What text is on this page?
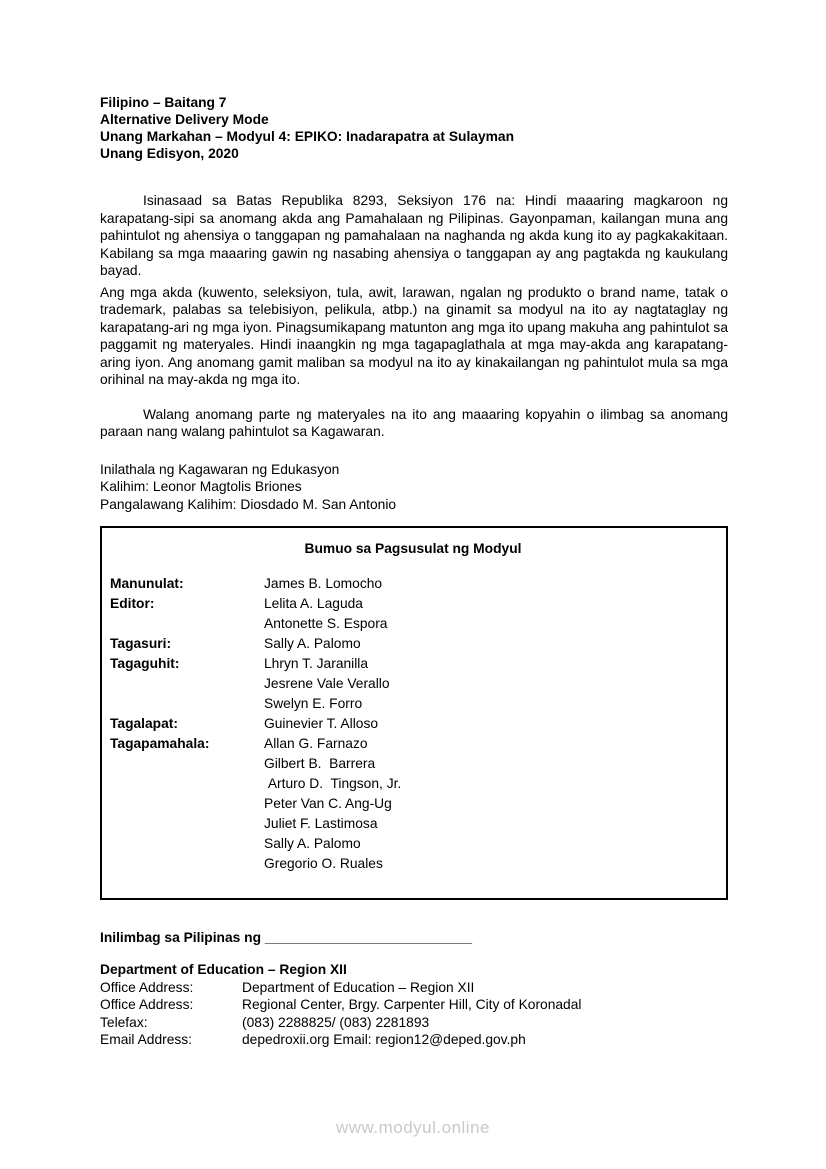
Filipino – Baitang 7
Alternative Delivery Mode
Unang Markahan – Modyul 4: EPIKO: Inadarapatra at Sulayman
Unang Edisyon, 2020

Isinasaad sa Batas Republika 8293, Seksiyon 176 na: Hindi maaaring magkaroon ng karapatang-sipi sa anomang akda ang Pamahalaan ng Pilipinas. Gayonpaman, kailangan muna ang pahintulot ng ahensiya o tanggapan ng pamahalaan na naghanda ng akda kung ito ay pagkakakitaan. Kabilang sa mga maaaring gawin ng nasabing ahensiya o tanggapan ay ang pagtakda ng kaukulang bayad.

Ang mga akda (kuwento, seleksiyon, tula, awit, larawan, ngalan ng produkto o brand name, tatak o trademark, palabas sa telebisiyon, pelikula, atbp.) na ginamit sa modyul na ito ay nagtataglay ng karapatang-ari ng mga iyon. Pinagsumikapang matunton ang mga ito upang makuha ang pahintulot sa paggamit ng materyales. Hindi inaangkin ng mga tagapaglathala at mga may-akda ang karapatang-aring iyon. Ang anomang gamit maliban sa modyul na ito ay kinakailangan ng pahintulot mula sa mga orihinal na may-akda ng mga ito.

Walang anomang parte ng materyales na ito ang maaaring kopyahin o ilimbag sa anomang paraan nang walang pahintulot sa Kagawaran.

Inilathala ng Kagawaran ng Edukasyon
Kalihim: Leonor Magtolis Briones
Pangalawang Kalihim: Diosdado M. San Antonio
Bumuo sa Pagsusulat ng Modyul
Manunulat:	James B. Lomocho
Editor:	Lelita A. Laguda
Antonette S. Espora
Tagasuri:	Sally A. Palomo
Tagaguhit:	Lhryn T. Jaranilla
Jesrene Vale Verallo
Swelyn E. Forro
Tagalapat:	Guinevier T. Alloso
Tagapamahala:	Allan G. Farnazo
Gilbert B.  Barrera
Arturo D.  Tingson, Jr.
Peter Van C. Ang-Ug
Juliet F. Lastimosa
Sally A. Palomo
Gregorio O. Ruales
Inilimbag sa Pilipinas ng ___________________________
Department of Education – Region XII
Office Address:	Department of Education – Region XII
Office Address:	Regional Center, Brgy. Carpenter Hill, City of Koronadal
Telefax:	(083) 2288825/ (083) 2281893
Email Address:	depedroxii.org Email: region12@deped.gov.ph
www.modyul.online
